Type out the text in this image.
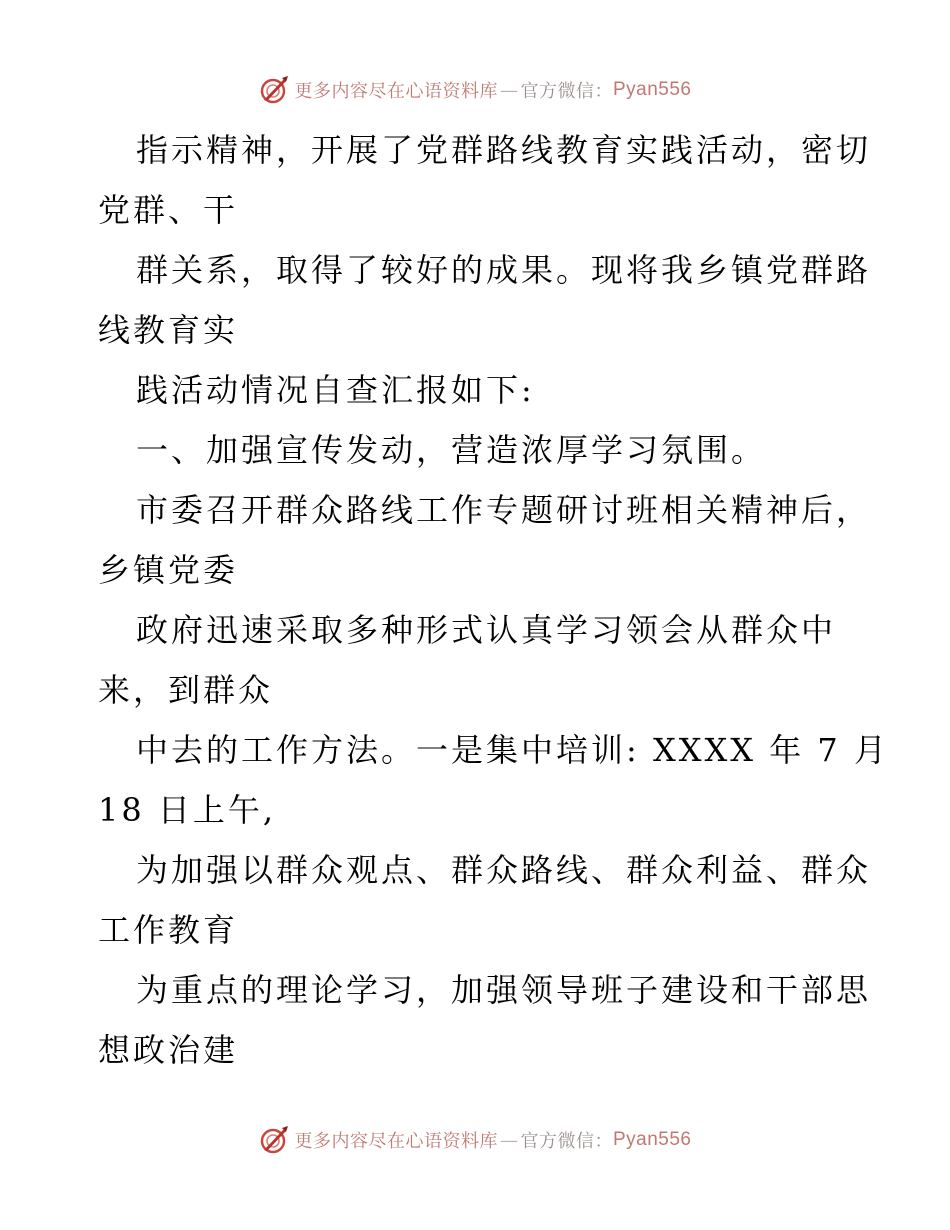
更多内容尽在心语资料库 — 官方微信： Pyan556
指示精神，开展了党群路线教育实践活动，密切
党群、干
群关系，取得了较好的成果。现将我乡镇党群路
线教育实
践活动情况自查汇报如下:
一、加强宣传发动，营造浓厚学习氛围。
市委召开群众路线工作专题研讨班相关精神后，
乡镇党委
政府迅速采取多种形式认真学习领会从群众中
来，到群众
中去的工作方法。一是集中培训: XXXX 年 7 月
18 日上午,
为加强以群众观点、群众路线、群众利益、群众
工作教育
为重点的理论学习，加强领导班子建设和干部思
想政治建
更多内容尽在心语资料库 — 官方微信： Pyan556
